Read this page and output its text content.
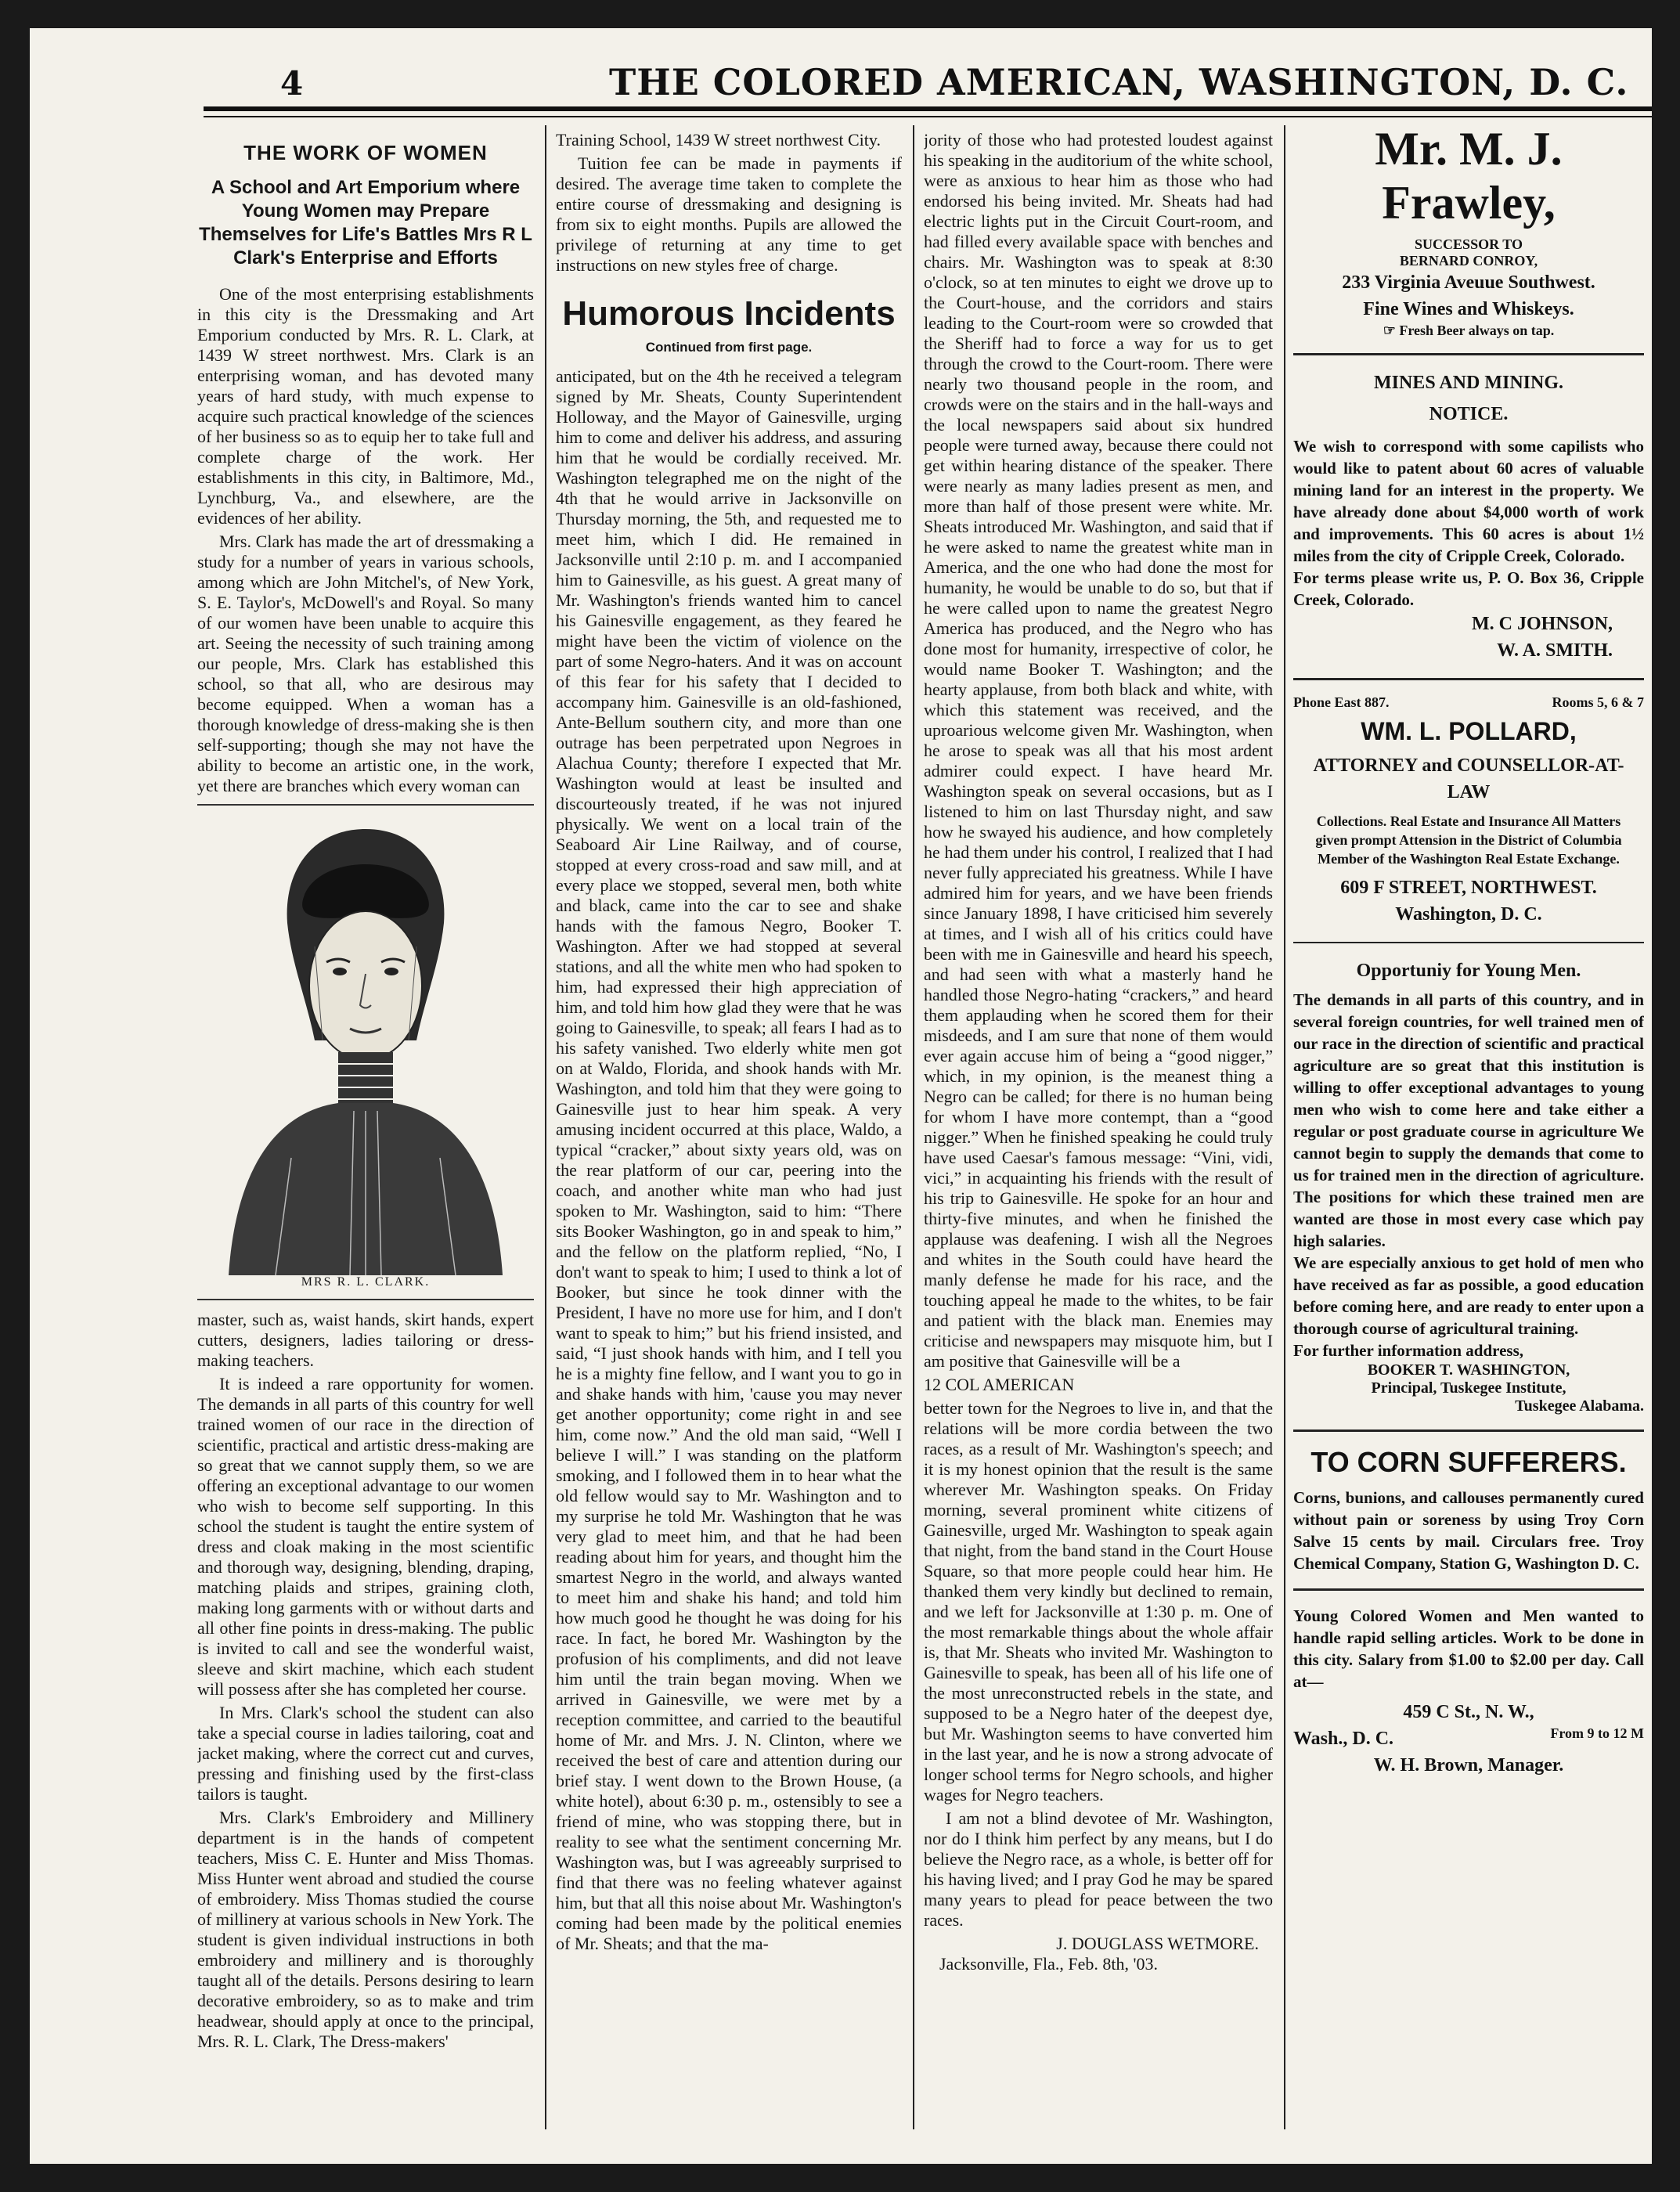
4	THE COLORED AMERICAN, WASHINGTON, D. C.
THE WORK OF WOMEN
A School and Art Emporium where Young Women may Prepare Themselves for Life's Battles Mrs R L Clark's Enterprise and Efforts

One of the most enterprising establishments in this city is the Dressmaking and Art Emporium conducted by Mrs. R. L. Clark, at 1439 W street northwest. Mrs. Clark is an enterprising woman, and has devoted many years of hard study, with much expense to acquire such practical knowledge of the sciences of her business so as to equip her to take full and complete charge of the work. Her establishments in this city, in Baltimore, Md., Lynchburg, Va., and elsewhere, are the evidences of her ability.

Mrs. Clark has made the art of dressmaking a study for a number of years in various schools, among which are John Mitchel's, of New York, S. E. Taylor's, McDowell's and Royal. So many of our women have been unable to acquire this art. Seeing the necessity of such training among our people, Mrs. Clark has established this school, so that all, who are desirous may become equipped. When a woman has a thorough knowledge of dress-making she is then self-supporting; though she may not have the ability to become an artistic one, in the work, yet there are branches which every woman can

MRS R. L. CLARK.

master, such as, waist hands, skirt hands, expert cutters, designers, ladies tailoring or dress-making teachers.

It is indeed a rare opportunity for women. The demands in all parts of this country for well trained women of our race in the direction of scientific, practical and artistic dress-making are so great that we cannot supply them, so we are offering an exceptional advantage to our women who wish to become self supporting. In this school the student is taught the entire system of dress and cloak making in the most scientific and thorough way, designing, blending, draping, matching plaids and stripes, graining cloth, making long garments with or without darts and all other fine points in dress-making. The public is invited to call and see the wonderful waist, sleeve and skirt machine, which each student will possess after she has completed her course.

In Mrs. Clark's school the student can also take a special course in ladies tailoring, coat and jacket making, where the correct cut and curves, pressing and finishing used by the first-class tailors is taught.

Mrs. Clark's Embroidery and Millinery department is in the hands of competent teachers, Miss C. E. Hunter and Miss Thomas. Miss Hunter went abroad and studied the course of embroidery. Miss Thomas studied the course of millinery at various schools in New York. The student is given individual instructions in both embroidery and millinery and is thoroughly taught all of the details. Persons desiring to learn decorative embroidery, so as to make and trim headwear, should apply at once to the principal, Mrs. R. L. Clark, The Dress-makers'

Training School, 1439 W street northwest City.

Tuition fee can be made in payments if desired. The average time taken to complete the entire course of dressmaking and designing is from six to eight months. Pupils are allowed the privilege of returning at any time to get instructions on new styles free of charge.

Humorous Incidents
Continued from first page.

anticipated, but on the 4th he received a telegram signed by Mr. Sheats, County Superintendent Holloway, and the Mayor of Gainesville, urging him to come and deliver his address, and assuring him that he would be cordially received. Mr. Washington telegraphed me on the night of the 4th that he would arrive in Jacksonville on Thursday morning, the 5th, and requested me to meet him, which I did. He remained in Jacksonville until 2:10 p. m. and I accompanied him to Gainesville, as his guest. A great many of Mr. Washington's friends wanted him to cancel his Gainesville engagement, as they feared he might have been the victim of violence on the part of some Negro-haters. And it was on account of this fear for his safety that I decided to accompany him. Gainesville is an old-fashioned, Ante-Bellum southern city, and more than one outrage has been perpetrated upon Negroes in Alachua County; therefore I expected that Mr. Washington would at least be insulted and discourteously treated, if he was not injured physically. We went on a local train of the Seaboard Air Line Railway, and of course, stopped at every cross-road and saw mill, and at every place we stopped, several men, both white and black, came into the car to see and shake hands with the famous Negro, Booker T. Washington. After we had stopped at several stations, and all the white men who had spoken to him, had expressed their high appreciation of him, and told him how glad they were that he was going to Gainesville, to speak; all fears I had as to his safety vanished. Two elderly white men got on at Waldo, Florida, and shook hands with Mr. Washington, and told him that they were going to Gainesville just to hear him speak. A very amusing incident occurred at this place, Waldo, a typical “cracker,” about sixty years old, was on the rear platform of our car, peering into the coach, and another white man who had just spoken to Mr. Washington, said to him: “There sits Booker Washington, go in and speak to him,” and the fellow on the platform replied, “No, I don't want to speak to him; I used to think a lot of Booker, but since he took dinner with the President, I have no more use for him, and I don't want to speak to him;” but his friend insisted, and said, “I just shook hands with him, and I tell you he is a mighty fine fellow, and I want you to go in and shake hands with him, 'cause you may never get another opportunity; come right in and see him, come now.” And the old man said, “Well I believe I will.” I was standing on the platform smoking, and I followed them in to hear what the old fellow would say to Mr. Washington and to my surprise he told Mr. Washington that he was very glad to meet him, and that he had been reading about him for years, and thought him the smartest Negro in the world, and always wanted to meet him and shake his hand; and told him how much good he thought he was doing for his race. In fact, he bored Mr. Washington by the profusion of his compliments, and did not leave him until the train began moving. When we arrived in Gainesville, we were met by a reception committee, and carried to the beautiful home of Mr. and Mrs. J. N. Clinton, where we received the best of care and attention during our brief stay. I went down to the Brown House, (a white hotel), about 6:30 p. m., ostensibly to see a friend of mine, who was stopping there, but in reality to see what the sentiment concerning Mr. Washington was, but I was agreeably surprised to find that there was no feeling whatever against him, but that all this noise about Mr. Washington's coming had been made by the political enemies of Mr. Sheats; and that the ma-

jority of those who had protested loudest against his speaking in the auditorium of the white school, were as anxious to hear him as those who had endorsed his being invited. Mr. Sheats had had electric lights put in the Circuit Court-room, and had filled every available space with benches and chairs. Mr. Washington was to speak at 8:30 o'clock, so at ten minutes to eight we drove up to the Court-house, and the corridors and stairs leading to the Court-room were so crowded that the Sheriff had to force a way for us to get through the crowd to the Court-room. There were nearly two thousand people in the room, and crowds were on the stairs and in the hall-ways and the local newspapers said about six hundred people were turned away, because there could not get within hearing distance of the speaker. There were nearly as many ladies present as men, and more than half of those present were white. Mr. Sheats introduced Mr. Washington, and said that if he were asked to name the greatest white man in America, and the one who had done the most for humanity, he would be unable to do so, but that if he were called upon to name the greatest Negro America has produced, and the Negro who has done most for humanity, irrespective of color, he would name Booker T. Washington; and the hearty applause, from both black and white, with which this statement was received, and the uproarious welcome given Mr. Washington, when he arose to speak was all that his most ardent admirer could expect. I have heard Mr. Washington speak on several occasions, but as I listened to him on last Thursday night, and saw how he swayed his audience, and how completely he had them under his control, I realized that I had never fully appreciated his greatness. While I have admired him for years, and we have been friends since January 1898, I have criticised him severely at times, and I wish all of his critics could have been with me in Gainesville and heard his speech, and had seen with what a masterly hand he handled those Negro-hating “crackers,” and heard them applauding when he scored them for their misdeeds, and I am sure that none of them would ever again accuse him of being a “good nigger,” which, in my opinion, is the meanest thing a Negro can be called; for there is no human being for whom I have more contempt, than a “good nigger.” When he finished speaking he could truly have used Caesar's famous message: “Vini, vidi, vici,” in acquainting his friends with the result of his trip to Gainesville. He spoke for an hour and thirty-five minutes, and when he finished the applause was deafening. I wish all the Negroes and whites in the South could have heard the manly defense he made for his race, and the touching appeal he made to the whites, to be fair and patient with the black man. Enemies may criticise and newspapers may misquote him, but I am positive that Gainesville will be a

12 COL AMERICAN

better town for the Negroes to live in, and that the relations will be more cordia between the two races, as a result of Mr. Washington's speech; and it is my honest opinion that the result is the same wherever Mr. Washington speaks. On Friday morning, several prominent white citizens of Gainesville, urged Mr. Washington to speak again that night, from the band stand in the Court House Square, so that more people could hear him. He thanked them very kindly but declined to remain, and we left for Jacksonville at 1:30 p. m. One of the most remarkable things about the whole affair is, that Mr. Sheats who invited Mr. Washington to Gainesville to speak, has been all of his life one of the most unreconstructed rebels in the state, and supposed to be a Negro hater of the deepest dye, but Mr. Washington seems to have converted him in the last year, and he is now a strong advocate of longer school terms for Negro schools, and higher wages for Negro teachers.

I am not a blind devotee of Mr. Washington, nor do I think him perfect by any means, but I do believe the Negro race, as a whole, is better off for his having lived; and I pray God he may be spared many years to plead for peace between the two races.

J. DOUGLASS WETMORE.
Jacksonville, Fla., Feb. 8th, '03.
Mr. M. J. Frawley,
SUCCESSOR TO
BERNARD CONROY,
233 Virginia Aveuue Southwest.
Fine Wines and Whiskeys.
☞ Fresh Beer always on tap.
MINES AND MINING.
NOTICE.

We wish to correspond with some capilists who would like to patent about 60 acres of valuable mining land for an interest in the property. We have already done about $4,000 worth of work and improvements. This 60 acres is about 1½ miles from the city of Cripple Creek, Colorado.

For terms please write us, P. O. Box 36, Cripple Creek, Colorado.

M. C JOHNSON,
W. A. SMITH.
Phone East 887.	Rooms 5, 6 & 7
WM. L. POLLARD,
ATTORNEY and COUNSELLOR-AT-LAW
Collections. Real Estate and Insurance All Matters given prompt Attension in the District of Columbia Member of the Washington Real Estate Exchange.
609 F STREET, NORTHWEST.
Washington, D. C.
Opportuniy for Young Men.

The demands in all parts of this country, and in several foreign countries, for well trained men of our race in the direction of scientific and practical agriculture are so great that this institution is willing to offer exceptional advantages to young men who wish to come here and take either a regular or post graduate course in agriculture We cannot begin to supply the demands that come to us for trained men in the direction of agriculture. The positions for which these trained men are wanted are those in most every case which pay high salaries.

We are especially anxious to get hold of men who have received as far as possible, a good education before coming here, and are ready to enter upon a thorough course of agricultural training.

For further information address,

BOOKER T. WASHINGTON,
Principal, Tuskegee Institute,
Tuskegee Alabama.
TO CORN SUFFERERS.

Corns, bunions, and callouses permanently cured without pain or soreness by using Troy Corn Salve 15 cents by mail. Circulars free. Troy Chemical Company, Station G, Washington D. C.

Young Colored Women and Men wanted to handle rapid selling articles. Work to be done in this city. Salary from $1.00 to $2.00 per day. Call at—

459 C St., N. W.,
Wash., D. C.	From 9 to 12 M
W. H. Brown, Manager.
